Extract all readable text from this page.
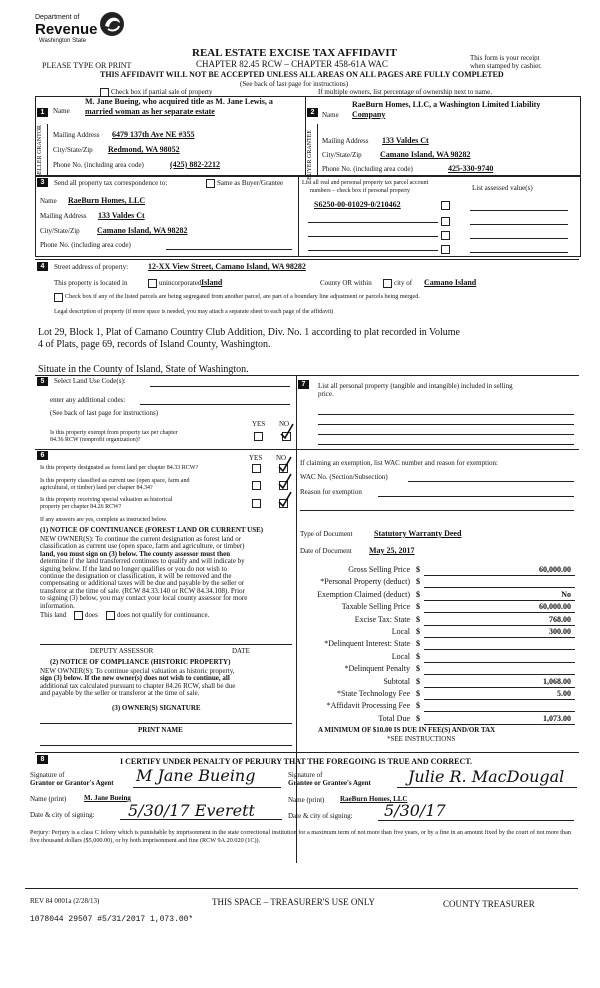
Department of
Revenue
Washington State
PLEASE TYPE OR PRINT
REAL ESTATE EXCISE TAX AFFIDAVIT
CHAPTER 82.45 RCW – CHAPTER 458-61A WAC
This form is your receipt
when stamped by cashier.
THIS AFFIDAVIT WILL NOT BE ACCEPTED UNLESS ALL AREAS ON ALL PAGES ARE FULLY COMPLETED
(See back of last page for instructions)
Check box if partial sale of property	If multiple owners, list percentage of ownership next to name.
1
SELLER GRANTOR
Name
M. Jane Bueing, who acquired title as M. Jane Lewis, a
married woman as her separate estate
Mailing Address 6479 137th Ave NE #355
City/State/Zip Redmond, WA 98052
Phone No. (including area code)	(425) 882-2212
2
BUYER GRANTEE
Name
RaeBurn Homes, LLC, a Washington Limited Liability
Company
Mailing Address 133 Valdes Ct
City/State/Zip Camano Island, WA 98282
Phone No. (including area code)	425-330-9740
3	Send all property tax correspondence to:	Same as Buyer/Grantee
Name RaeBurn Homes, LLC
Mailing Address 133 Valdes Ct
City/State/Zip Camano Island, WA 98282
Phone No. (including area code)
List all real and personal property tax parcel account
numbers – check box if personal property	List assessed value(s)
S6250-00-01029-0/210462
4	Street address of property: 12-XX View Street, Camano Island, WA 98282
This property is located in	unincorporated Island	County OR within	city of Camano Island
Check box if any of the listed parcels are being segregated from another parcel, are part of a boundary line adjustment or parcels being merged.
Legal description of property (if more space is needed, you may attach a separate sheet to each page of the affidavit)
Lot 29, Block 1, Plat of Camano Country Club Addition, Div. No. 1 according to plat recorded in Volume
4 of Plats, page 69, records of Island County, Washington.
Situate in the County of Island, State of Washington.
5	Select Land Use Code(s):
enter any additional codes:
(See back of last page for instructions)
YES NO
Is this property exempt from property tax per chapter
84.36 RCW (nonprofit organization)?
7	List all personal property (tangible and intangible) included in selling
price.
6	YES NO
Is this property designated as forest land per chapter 84.33 RCW?
Is this property classified as current use (open space, farm and
agricultural, or timber) land per chapter 84.34?
Is this property receiving special valuation as historical
property per chapter 84.26 RCW?
If any answers are yes, complete as instructed below.
(1) NOTICE OF CONTINUANCE (FOREST LAND OR CURRENT USE)
NEW OWNER(S): To continue the current designation as forest land or
classification as current use (open space, farm and agriculture, or timber)
land, you must sign on (3) below. The county assessor must then
determine if the land transferred continues to qualify and will indicate by
signing below. If the land no longer qualifies or you do not wish to
continue the designation or classification, it will be removed and the
compensating or additional taxes will be due and payable by the seller or
transferor at the time of sale. (RCW 84.33.140 or RCW 84.34.108). Prior
to signing (3) below, you may contact your local county assessor for more
information.
This land	does	does not qualify for continuance.
DEPUTY ASSESSOR	DATE
(2) NOTICE OF COMPLIANCE (HISTORIC PROPERTY)
NEW OWNER(S): To continue special valuation as historic property,
sign (3) below. If the new owner(s) does not wish to continue, all
additional tax calculated pursuant to chapter 84.26 RCW, shall be due
and payable by the seller or transferor at the time of sale.
(3) OWNER(S) SIGNATURE
PRINT NAME
If claiming an exemption, list WAC number and reason for exemption:
WAC No. (Section/Subsection)
Reason for exemption
Type of Document	Statutory Warranty Deed
Date of Document May 25, 2017
Gross Selling Price $	60,000.00
*Personal Property (deduct) $
Exemption Claimed (deduct) $	No
Taxable Selling Price $	60,000.00
Excise Tax: State $	768.00
Local $	300.00
*Delinquent Interest: State $
Local $
*Delinquent Penalty $
Subtotal $	1,068.00
*State Technology Fee $	5.00
*Affidavit Processing Fee $
Total Due $	1,073.00
A MINIMUM OF $10.00 IS DUE IN FEE(S) AND/OR TAX
*SEE INSTRUCTIONS
8	I CERTIFY UNDER PENALTY OF PERJURY THAT THE FOREGOING IS TRUE AND CORRECT.
Signature of
Grantor or Grantor's Agent M Jane Bueing
Name (print)	M. Jane Bueing
Date & city of signing: 5/30/17 Everett
Signature of
Grantee or Grantee's Agent Julie R. MacDougal
Name (print) RaeBurn Homes, LLC
Date & city of signing: 5/30/17
Perjury: Perjury is a class C felony which is punishable by imprisonment in the state correctional institution for a maximum term of not more than five years, or by a fine in an amount fixed by the court of not more than five thousand dollars ($5,000.00), or by both imprisonment and fine (RCW 9A.20.020 (1C)).
REV 84 0001a (2/28/13)	THIS SPACE – TREASURER'S USE ONLY	COUNTY TREASURER
1078044 29507 #5/31/2017 1,073.00*
